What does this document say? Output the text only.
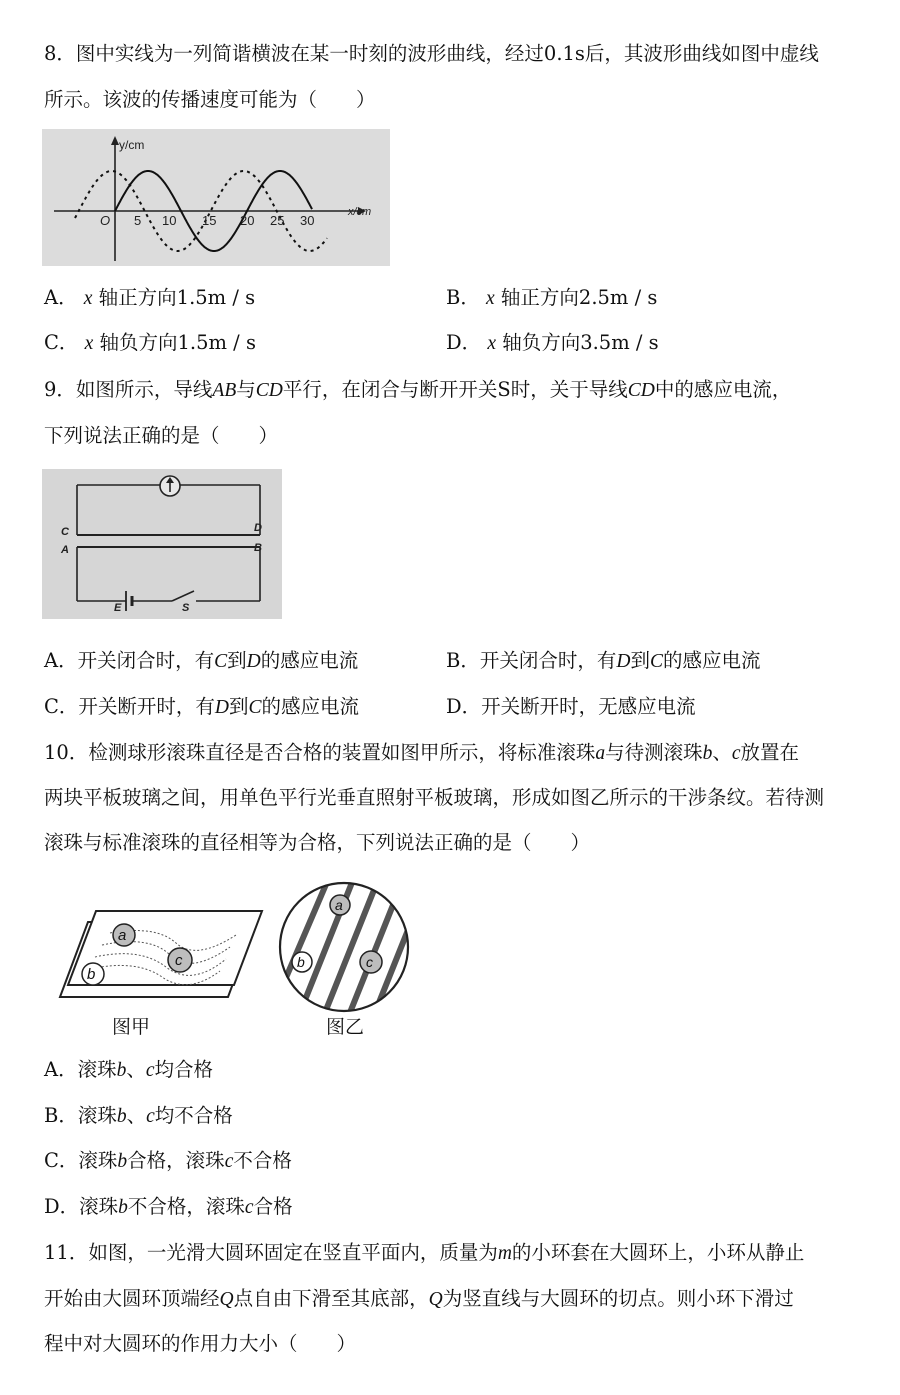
8．图中实线为一列简谐横波在某一时刻的波形曲线，经过0.1s后，其波形曲线如图中虚线
所示。该波的传播速度可能为（　　）
y/cm
x/cm
O 5 10 15 20 25 30
A． x 轴正方向1.5m / s	B． x 轴正方向2.5m / s
C． x 轴负方向1.5m / s	D． x 轴负方向3.5m / s
9．如图所示，导线AB与CD平行，在闭合与断开开关S时，关于导线CD中的感应电流，
下列说法正确的是（　　）
C
A
D
B
E	S
A．开关闭合时，有C到D的感应电流	B．开关闭合时，有D到C的感应电流
C．开关断开时，有D到C的感应电流	D．开关断开时，无感应电流
10．检测球形滚珠直径是否合格的装置如图甲所示，将标准滚珠a与待测滚珠b、c放置在
两块平板玻璃之间，用单色平行光垂直照射平板玻璃，形成如图乙所示的干涉条纹。若待测
滚珠与标准滚珠的直径相等为合格，下列说法正确的是（　　）
a
b
c
图甲
a
b	c
图乙
A．滚珠b、c均合格
B．滚珠b、c均不合格
C．滚珠b合格，滚珠c不合格
D．滚珠b不合格，滚珠c合格
11．如图，一光滑大圆环固定在竖直平面内，质量为m的小环套在大圆环上，小环从静止
开始由大圆环顶端经Q点自由下滑至其底部，Q为竖直线与大圆环的切点。则小环下滑过
程中对大圆环的作用力大小（　　）
